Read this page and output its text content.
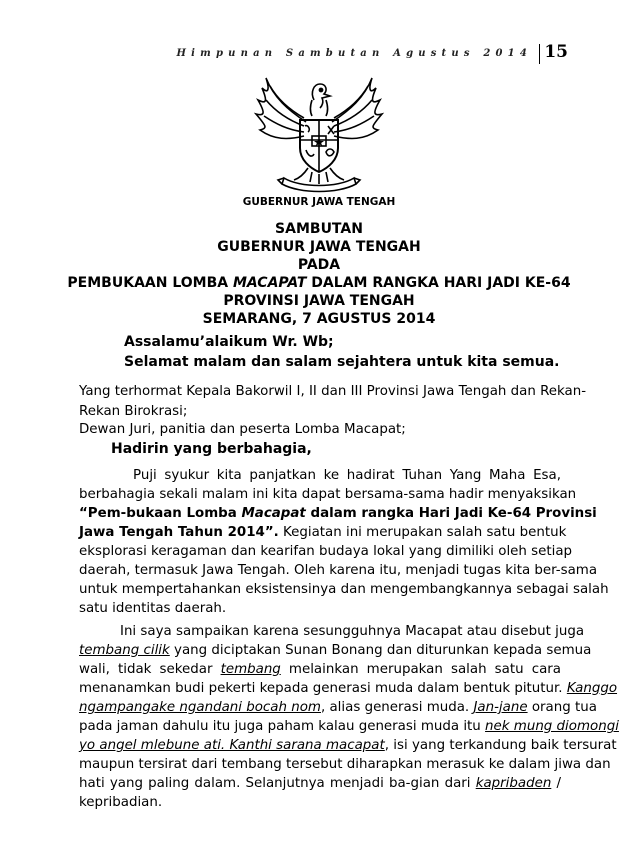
Himpunan Sambutan Agustus 2014 15
GUBERNUR JAWA TENGAH
SAMBUTAN
GUBERNUR JAWA TENGAH
PADA
PEMBUKAAN LOMBA MACAPAT DALAM RANGKA HARI JADI KE-64
PROVINSI JAWA TENGAH
SEMARANG, 7 AGUSTUS 2014
Assalamu’alaikum Wr. Wb;
Selamat malam dan salam sejahtera untuk kita semua.
Yang terhormat Kepala Bakorwil I, II dan III Provinsi Jawa Tengah dan Rekan-
Rekan Birokrasi;
Dewan Juri, panitia dan peserta Lomba Macapat;
Hadirin yang berbahagia,
Puji syukur kita panjatkan ke hadirat Tuhan Yang Maha Esa,
berbahagia sekali malam ini kita dapat bersama-sama hadir menyaksikan
“Pem-bukaan Lomba Macapat dalam rangka Hari Jadi Ke-64 Provinsi
Jawa Tengah Tahun 2014”. Kegiatan ini merupakan salah satu bentuk
eksplorasi keragaman dan kearifan budaya lokal yang dimiliki oleh setiap
daerah, termasuk Jawa Tengah. Oleh karena itu, menjadi tugas kita ber-sama
untuk mempertahankan eksistensinya dan mengembangkannya sebagai salah
satu identitas daerah.
Ini saya sampaikan karena sesungguhnya Macapat atau disebut juga
tembang cilik yang diciptakan Sunan Bonang dan diturunkan kepada semua
wali, tidak sekedar tembang melainkan merupakan salah satu cara
menanamkan budi pekerti kepada generasi muda dalam bentuk pitutur. Kanggo
ngampangake ngandani bocah nom, alias generasi muda. Jan-jane orang tua
pada jaman dahulu itu juga paham kalau generasi muda itu nek mung diomongi
yo angel mlebune ati. Kanthi sarana macapat, isi yang terkandung baik tersurat
maupun tersirat dari tembang tersebut diharapkan merasuk ke dalam jiwa dan
hati yang paling dalam. Selanjutnya menjadi ba-gian dari kapribaden /
kepribadian.
